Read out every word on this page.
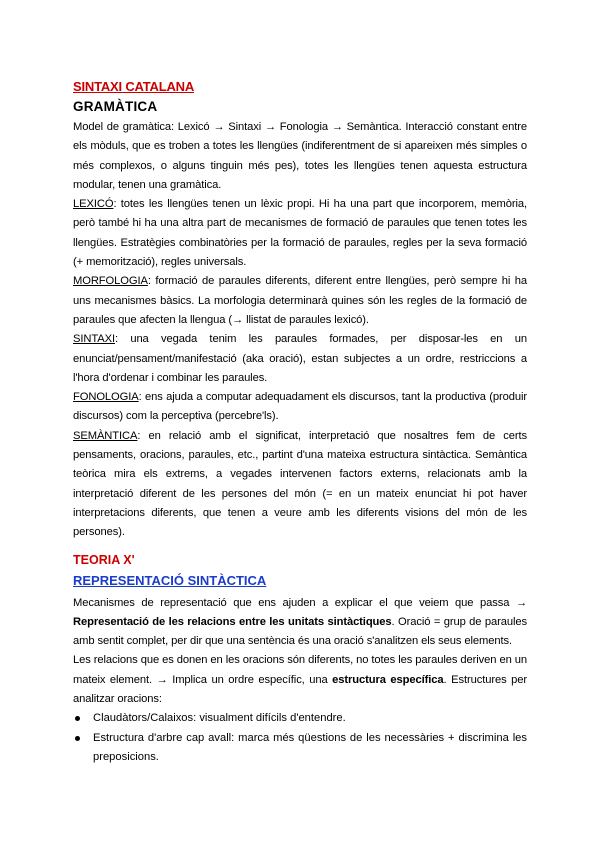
SINTAXI CATALANA

GRAMÀTICA

Model de gramàtica: Lexicó → Sintaxi → Fonologia → Semàntica. Interacció constant entre els mòduls, que es troben a totes les llengües (indiferentment de si apareixen més simples o més complexos, o alguns tinguin més pes), totes les llengües tenen aquesta estructura modular, tenen una gramàtica.

LEXICÓ: totes les llengües tenen un lèxic propi. Hi ha una part que incorporem, memòria, però també hi ha una altra part de mecanismes de formació de paraules que tenen totes les llengües. Estratègies combinatòries per la formació de paraules, regles per la seva formació (+ memorització), regles universals.

MORFOLOGIA: formació de paraules diferents, diferent entre llengües, però sempre hi ha uns mecanismes bàsics. La morfologia determinarà quines són les regles de la formació de paraules que afecten la llengua (→ llistat de paraules lexicó).

SINTAXI: una vegada tenim les paraules formades, per disposar-les en un enunciat/pensament/manifestació (aka oració), estan subjectes a un ordre, restriccions a l'hora d'ordenar i combinar les paraules.

FONOLOGIA: ens ajuda a computar adequadament els discursos, tant la productiva (produir discursos) com la perceptiva (percebre'ls).

SEMÀNTICA: en relació amb el significat, interpretació que nosaltres fem de certs pensaments, oracions, paraules, etc., partint d'una mateixa estructura sintàctica. Semàntica teòrica mira els extrems, a vegades intervenen factors externs, relacionats amb la interpretació diferent de les persones del món (= en un mateix enunciat hi pot haver interpretacions diferents, que tenen a veure amb les diferents visions del món de les persones).

TEORIA X'

REPRESENTACIÓ SINTÀCTICA

Mecanismes de representació que ens ajuden a explicar el que veiem que passa → Representació de les relacions entre les unitats sintàctiques. Oració = grup de paraules amb sentit complet, per dir que una sentència és una oració s'analitzen els seus elements.

Les relacions que es donen en les oracions són diferents, no totes les paraules deriven en un mateix element. → Implica un ordre específic, una estructura específica. Estructures per analitzar oracions:

Claudàtors/Calaixos: visualment difícils d'entendre.
Estructura d'arbre cap avall: marca més qüestions de les necessàries + discrimina les preposicions.
